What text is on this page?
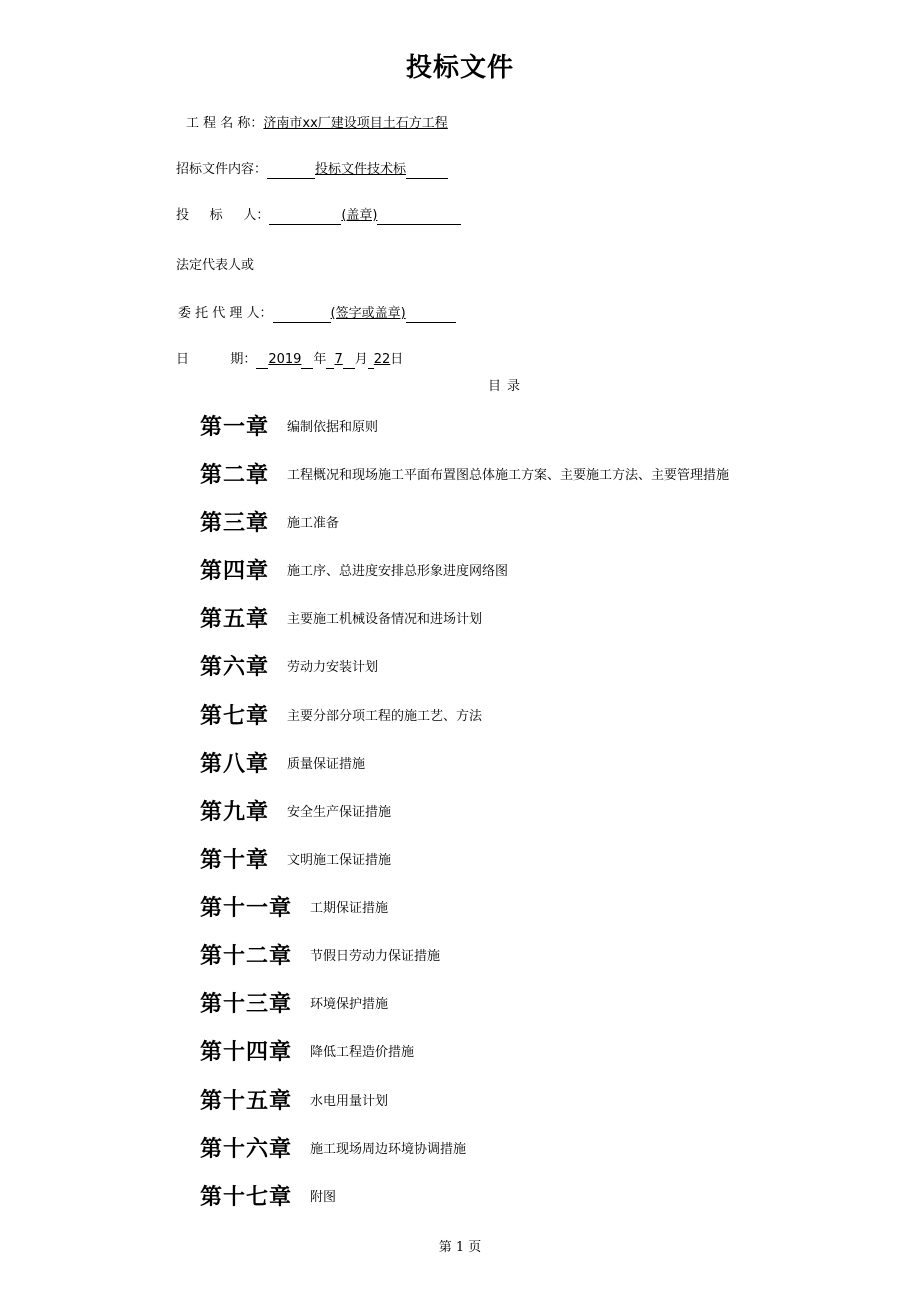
投标文件
工 程 名 称：济南市xx厂建设项目土石方工程
招标文件内容：	投标文件技术标
投     标     人：	(盖章)
法定代表人或
委 托 代 理 人：	(签字或盖章)
日          期： 2019 年 7 月 22日
目录
第一章 编制依据和原则
第二章 工程概况和现场施工平面布置图总体施工方案、主要施工方法、主要管理措施
第三章 施工准备
第四章 施工序、总进度安排总形象进度网络图
第五章 主要施工机械设备情况和进场计划
第六章 劳动力安装计划
第七章 主要分部分项工程的施工艺、方法
第八章 质量保证措施
第九章 安全生产保证措施
第十章 文明施工保证措施
第十一章 工期保证措施
第十二章 节假日劳动力保证措施
第十三章 环境保护措施
第十四章 降低工程造价措施
第十五章 水电用量计划
第十六章 施工现场周边环境协调措施
第十七章 附图
第 1 页
